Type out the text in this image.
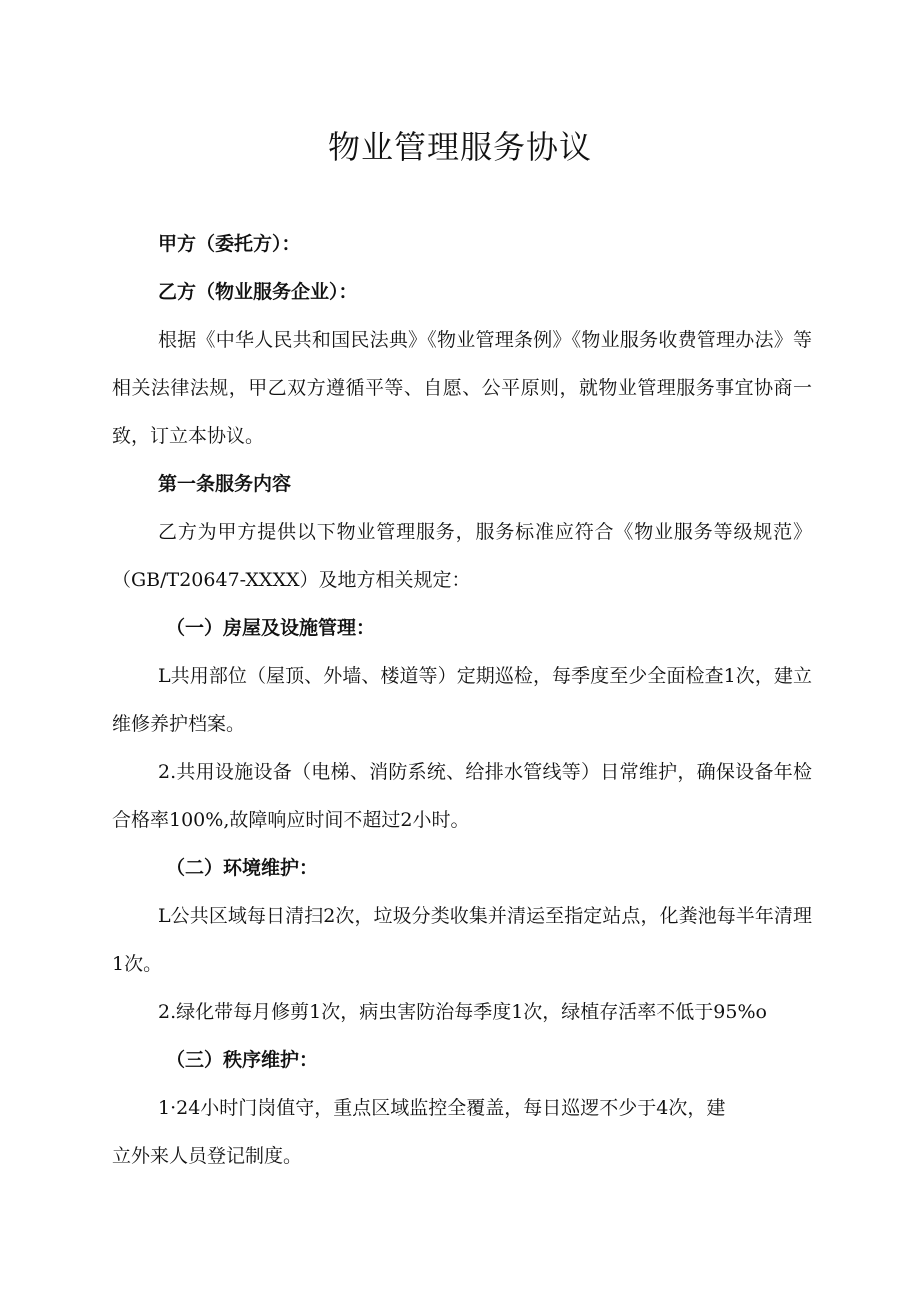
物业管理服务协议

甲方（委托方）：

乙方（物业服务企业）：

根据《中华人民共和国民法典》《物业管理条例》《物业服务收费管理办法》等相关法律法规，甲乙双方遵循平等、自愿、公平原则，就物业管理服务事宜协商一致，订立本协议。

第一条服务内容

乙方为甲方提供以下物业管理服务，服务标准应符合《物业服务等级规范》（GB/T20647-XXXX）及地方相关规定：

（一）房屋及设施管理：

L共用部位（屋顶、外墙、楼道等）定期巡检，每季度至少全面检查1次，建立维修养护档案。

2.共用设施设备（电梯、消防系统、给排水管线等）日常维护，确保设备年检合格率100%,故障响应时间不超过2小时。

（二）环境维护：

L公共区域每日清扫2次，垃圾分类收集并清运至指定站点，化粪池每半年清理1次。

2.绿化带每月修剪1次，病虫害防治每季度1次，绿植存活率不低于95%o

（三）秩序维护：

1·24小时门岗值守，重点区域监控全覆盖，每日巡逻不少于4次，建

立外来人员登记制度。
